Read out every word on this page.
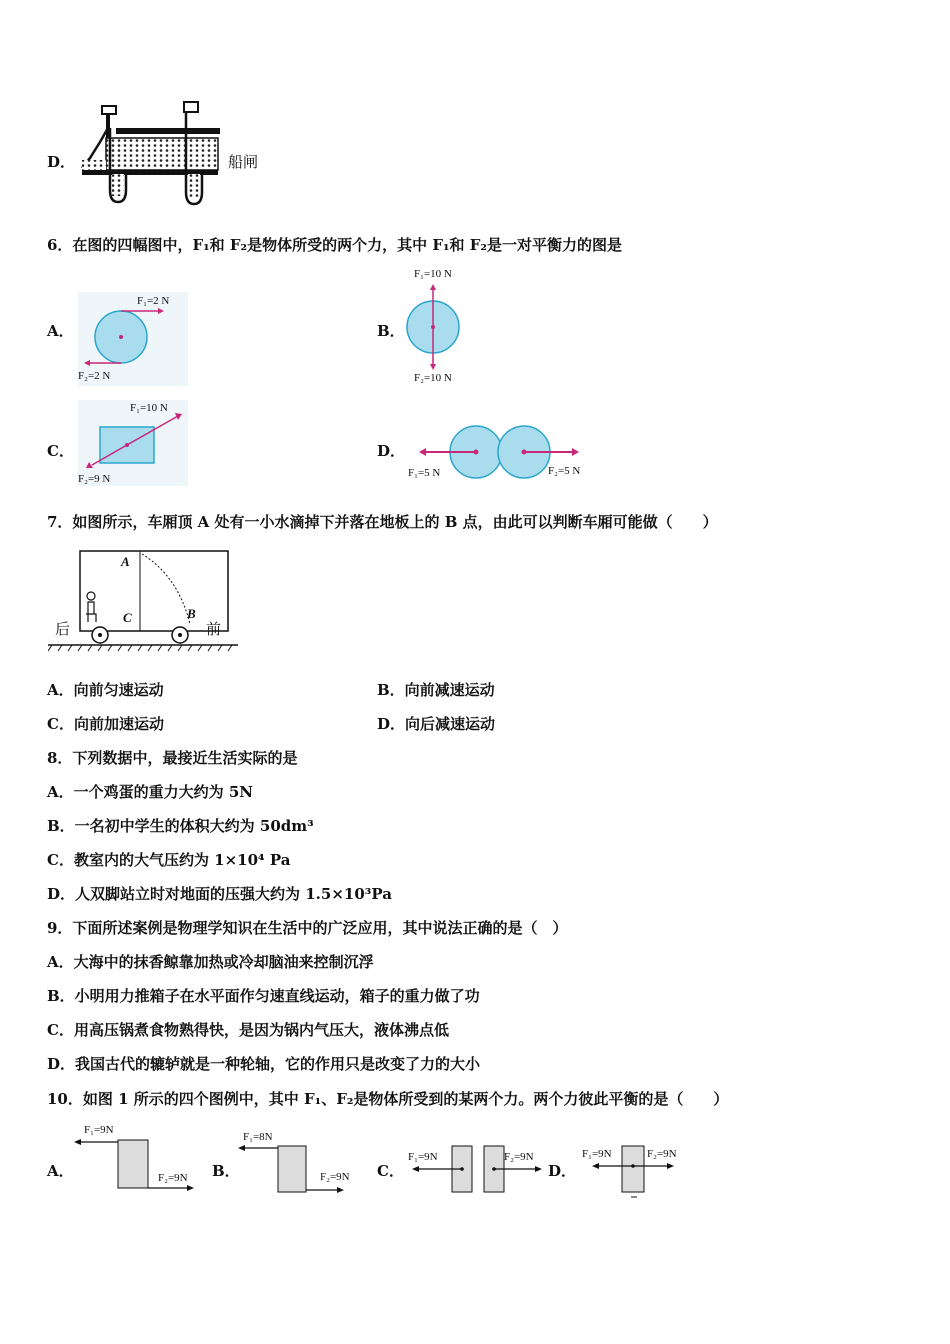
D．	船闸
6．在图的四幅图中，F₁和 F₂是物体所受的两个力，其中 F₁和 F₂是一对平衡力的图是
A．
F₁=2 N
F₂=2 N
B．
F₁=10 N
F₂=10 N
C．
F₁=10 N
F₂=9 N
D．
F₁=5 N	F₂=5 N
7．如图所示，车厢顶 A 处有一小水滴掉下并落在地板上的 B 点，由此可以判断车厢可能做（　　）
A
B
C
后	前
A．向前匀速运动	B．向前减速运动
C．向前加速运动	D．向后减速运动
8．下列数据中，最接近生活实际的是
A．一个鸡蛋的重力大约为 5N
B．一名初中学生的体积大约为 50dm³
C．教室内的大气压约为 1×10⁴ Pa
D．人双脚站立时对地面的压强大约为 1.5×10³Pa
9．下面所述案例是物理学知识在生活中的广泛应用，其中说法正确的是（　）
A．大海中的抹香鲸靠加热或冷却脑油来控制沉浮
B．小明用力推箱子在水平面作匀速直线运动，箱子的重力做了功
C．用高压锅煮食物熟得快，是因为锅内气压大，液体沸点低
D．我国古代的辘轳就是一种轮轴，它的作用只是改变了力的大小
10．如图 1 所示的四个图例中，其中 F₁、F₂是物体所受到的某两个力。两个力彼此平衡的是（　　）
A．
F₁=9N
F₂=9N B．
F₁=8N
F₂=9N C．
F₁=9N	F₂=9N
D．
F₁=9N	F₂=9N
